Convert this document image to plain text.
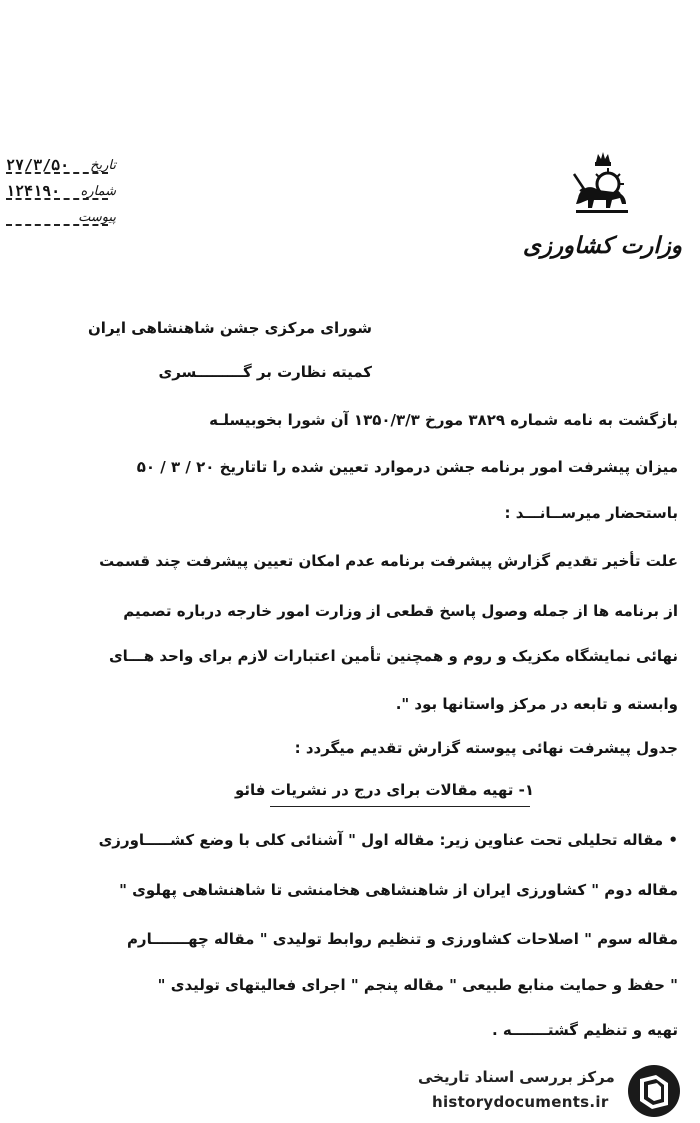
تاریخ
۲۷/۳/۵۰
شماره
۱۲۴۱۹۰
پیوست
وزارت کشاورزی
شورای مرکزی جشن شاهنشاهی ایران
کمیته نظارت بر گـــــــــسری
بازگشت به نامه شماره ۳۸۲۹ مورخ ۱۳۵۰/۳/۳ آن شورا بخوبیسلـه
میزان پیشرفت امور برنامه جشن درموارد تعیین شده را تاتاریخ ۲۰ / ۳ / ۵۰
باستحضار میرســانـــد :
علت تأخیر تقدیم گزارش پیشرفت برنامه عدم امکان تعیین پیشرفت چند قسمت
از برنامه ها از جمله وصول پاسخ قطعی از وزارت امور خارجه درباره تصمیم
نهائی نمایشگاه مکزیک و روم و همچنین تأمین اعتبارات لازم برای واحد هـــای
وابسته و تابعه در مرکز واستانها بود ".
جدول پیشرفت نهائی پیوسته گزارش تقدیم میگردد :
۱- تهیه مقالات برای درج در نشریات فائو
• مقاله تحلیلی تحت عناوین زیر: مقاله اول " آشنائی کلی با وضع کشـــــاورزی
مقاله دوم " کشاورزی ایران از شاهنشاهی هخامنشی تا شاهنشاهی پهلوی "
مقاله سوم " اصلاحات کشاورزی و تنظیم روابط تولیدی " مقاله چهـــــــارم
" حفظ و حمایت منابع طبیعی " مقاله پنجم " اجرای فعالیتهای تولیدی "
تهیه و تنظیم گشتـــــــه .
مرکز بررسی اسناد تاریخی
historydocuments.ir
